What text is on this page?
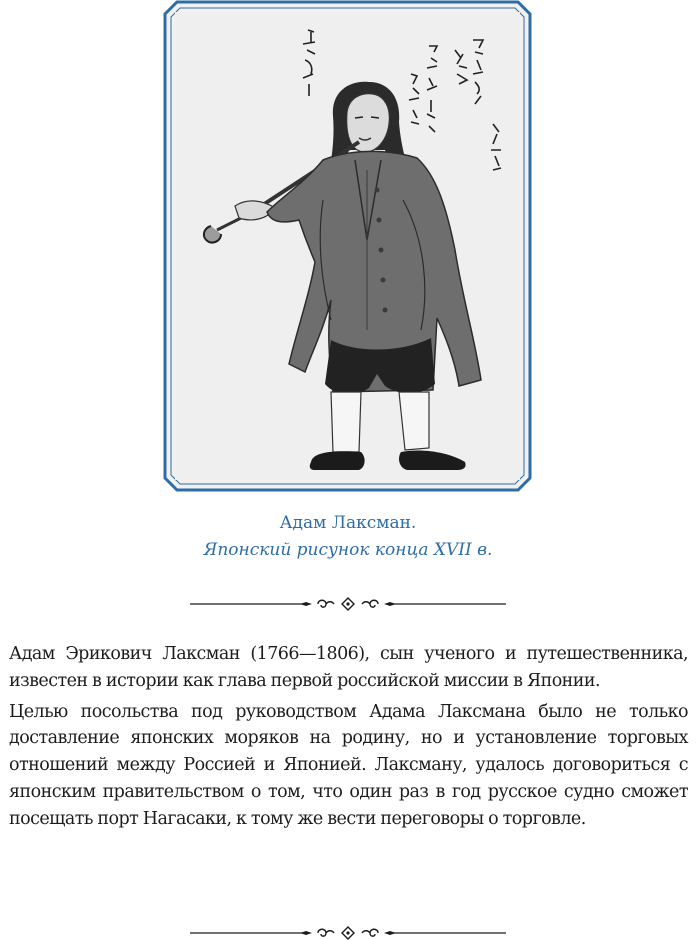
Адам Лаксман.
Японский рисунок конца XVII в.

Адам Эрикович Лаксман (1766—1806), сын ученого и путешественника, известен в истории как глава первой российской миссии в Японии.

Целью посольства под руководством Адама Лаксмана было не только доставление японских моряков на родину, но и установление торговых отношений между Россией и Японией. Лаксману, удалось договориться с японским правительством о том, что один раз в год русское судно сможет посещать порт Нагасаки, к тому же вести переговоры о торговле.
